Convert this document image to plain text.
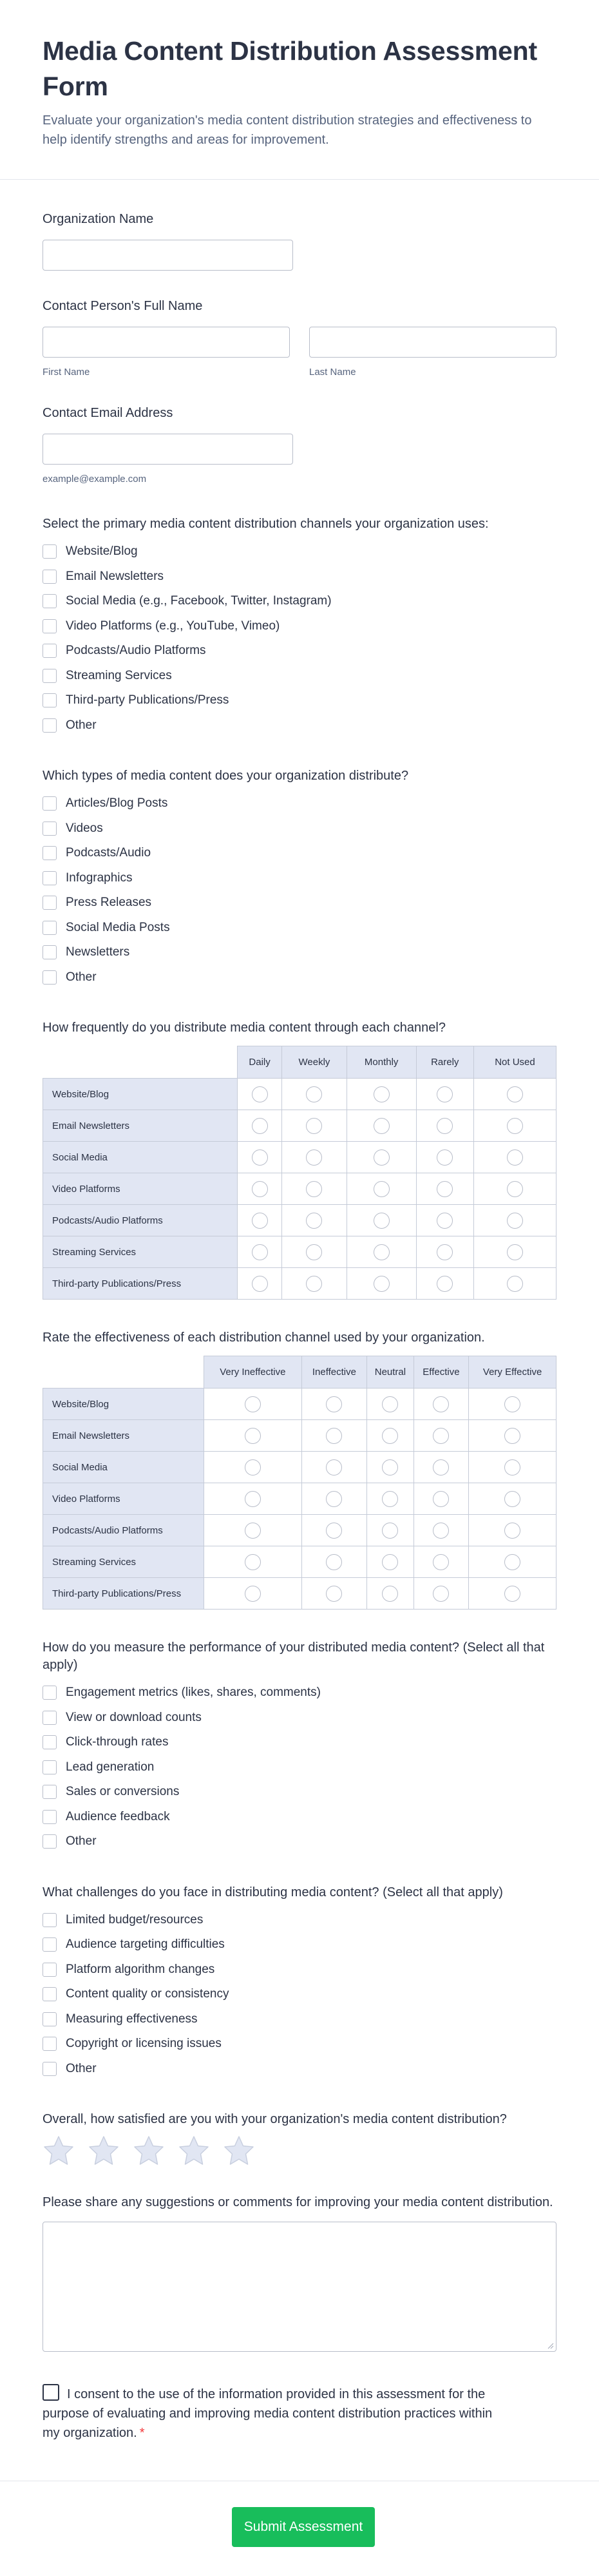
Media Content Distribution Assessment Form

Evaluate your organization's media content distribution strategies and effectiveness to help identify strengths and areas for improvement.

Organization Name
Contact Person's Full Name
First Name	Last Name
Contact Email Address
example@example.com
Select the primary media content distribution channels your organization uses:
Website/Blog
Email Newsletters
Social Media (e.g., Facebook, Twitter, Instagram)
Video Platforms (e.g., YouTube, Vimeo)
Podcasts/Audio Platforms
Streaming Services
Third-party Publications/Press
Other
Which types of media content does your organization distribute?
Articles/Blog Posts
Videos
Podcasts/Audio
Infographics
Press Releases
Social Media Posts
Newsletters
Other
How frequently do you distribute media content through each channel?
	Daily	Weekly	Monthly	Rarely	Not Used
Website/Blog					
Email Newsletters					
Social Media					
Video Platforms					
Podcasts/Audio Platforms					
Streaming Services					
Third-party Publications/Press					
Rate the effectiveness of each distribution channel used by your organization.
	Very Ineffective	Ineffective	Neutral	Effective	Very Effective
Website/Blog					
Email Newsletters					
Social Media					
Video Platforms					
Podcasts/Audio Platforms					
Streaming Services					
Third-party Publications/Press					
How do you measure the performance of your distributed media content? (Select all that apply)
Engagement metrics (likes, shares, comments)
View or download counts
Click-through rates
Lead generation
Sales or conversions
Audience feedback
Other
What challenges do you face in distributing media content? (Select all that apply)
Limited budget/resources
Audience targeting difficulties
Platform algorithm changes
Content quality or consistency
Measuring effectiveness
Copyright or licensing issues
Other
Overall, how satisfied are you with your organization's media content distribution?
Please share any suggestions or comments for improving your media content distribution.
I consent to the use of the information provided in this assessment for the purpose of evaluating and improving media content distribution practices within my organization. *
Submit Assessment
